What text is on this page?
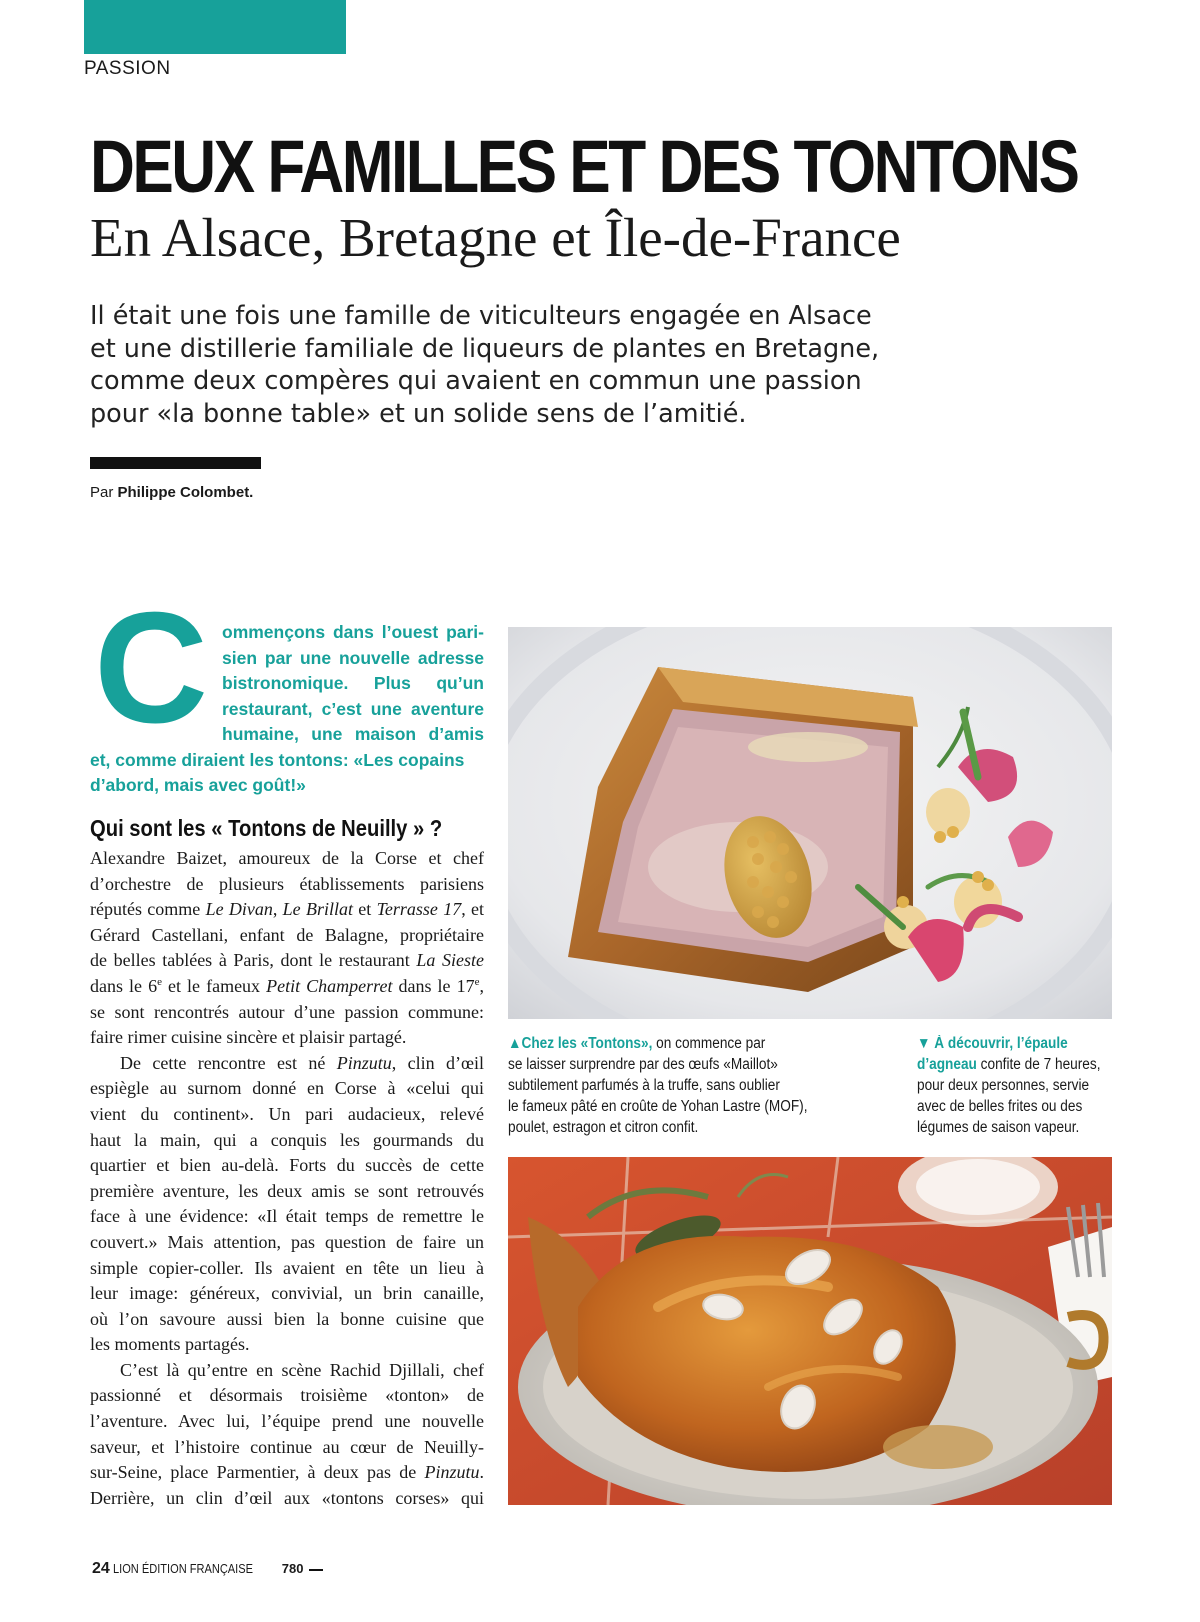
PASSION
DEUX FAMILLES ET DES TONTONS
En Alsace, Bretagne et Île-de-France
Il était une fois une famille de viticulteurs engagée en Alsace
et une distillerie familiale de liqueurs de plantes en Bretagne,
comme deux compères qui avaient en commun une passion
pour «la bonne table» et un solide sens de l’amitié.
Par Philippe Colombet.
C ommençons dans l’ouest pari-
sien par une nouvelle adresse
bistronomique. Plus qu’un
restaurant, c’est une aventure
humaine, une maison d’amis
et, comme diraient les tontons: «Les copains
d’abord, mais avec goût!»
Qui sont les « Tontons de Neuilly » ?
Alexandre Baizet, amoureux de la Corse et chef
d’orchestre de plusieurs établissements parisiens
réputés comme Le Divan, Le Brillat et Terrasse 17, et
Gérard Castellani, enfant de Balagne, propriétaire
de belles tablées à Paris, dont le restaurant La Sieste
dans le 6e et le fameux Petit Champerret dans le 17e,
se sont rencontrés autour d’une passion commune:
faire rimer cuisine sincère et plaisir partagé.
De cette rencontre est né Pinzutu, clin d’œil
espiègle au surnom donné en Corse à «celui qui
vient du continent». Un pari audacieux, relevé
haut la main, qui a conquis les gourmands du
quartier et bien au-delà. Forts du succès de cette
première aventure, les deux amis se sont retrouvés
face à une évidence: «Il était temps de remettre le
couvert.» Mais attention, pas question de faire un
simple copier-coller. Ils avaient en tête un lieu à
leur image: généreux, convivial, un brin canaille,
où l’on savoure aussi bien la bonne cuisine que
les moments partagés.
C’est là qu’entre en scène Rachid Djillali, chef
passionné et désormais troisième «tonton» de
l’aventure. Avec lui, l’équipe prend une nouvelle
saveur, et l’histoire continue au cœur de Neuilly-
sur-Seine, place Parmentier, à deux pas de Pinzutu.
Derrière, un clin d’œil aux «tontons corses» qui
▲Chez les «Tontons», on commence par
se laisser surprendre par des œufs «Maillot»
subtilement parfumés à la truffe, sans oublier
le fameux pâté en croûte de Yohan Lastre (MOF),
poulet, estragon et citron confit.
▼ À découvrir, l’épaule
d’agneau confite de 7 heures,
pour deux personnes, servie
avec de belles frites ou des
légumes de saison vapeur.
24 LION ÉDITION FRANÇAISE 780
